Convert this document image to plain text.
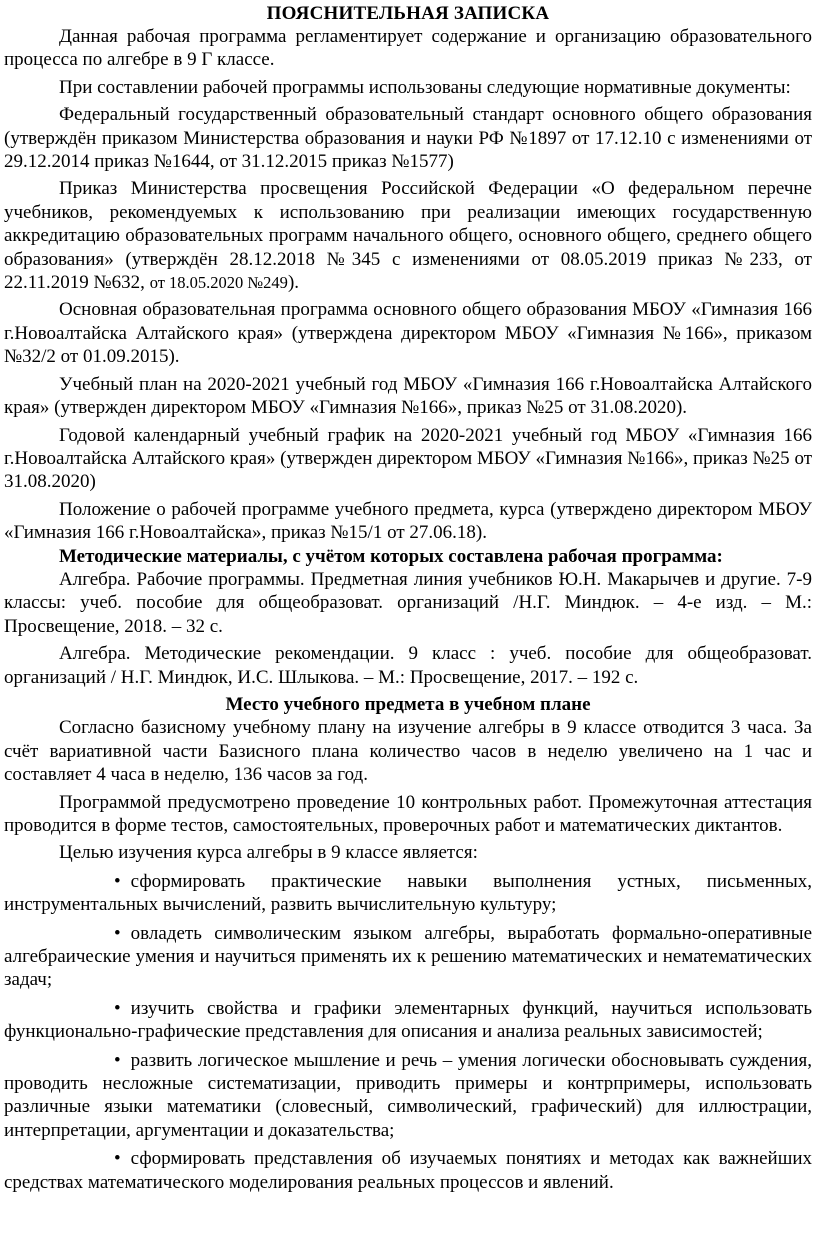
ПОЯСНИТЕЛЬНАЯ ЗАПИСКА

Данная рабочая программа регламентирует содержание и организацию образовательного процесса по алгебре в 9 Г классе.

При составлении рабочей программы использованы следующие нормативные документы:

Федеральный государственный образовательный стандарт основного общего образования (утверждён приказом Министерства образования и науки РФ №1897 от 17.12.10 с изменениями от 29.12.2014 приказ №1644, от 31.12.2015 приказ №1577)

Приказ Министерства просвещения Российской Федерации «О федеральном перечне учебников, рекомендуемых к использованию при реализации имеющих государственную аккредитацию образовательных программ начального общего, основного общего, среднего общего образования» (утверждён 28.12.2018 №345 с изменениями от 08.05.2019 приказ №233, от 22.11.2019 №632, от 18.05.2020 №249).

Основная образовательная программа основного общего образования МБОУ «Гимназия 166 г.Новоалтайска Алтайского края» (утверждена директором МБОУ «Гимназия №166», приказом №32/2 от 01.09.2015).

Учебный план на 2020-2021 учебный год МБОУ «Гимназия 166 г.Новоалтайска Алтайского края» (утвержден директором МБОУ «Гимназия №166», приказ №25 от 31.08.2020).

Годовой календарный учебный график на 2020-2021 учебный год МБОУ «Гимназия 166 г.Новоалтайска Алтайского края» (утвержден директором МБОУ «Гимназия №166», приказ №25 от 31.08.2020)

Положение о рабочей программе учебного предмета, курса (утверждено директором МБОУ «Гимназия 166 г.Новоалтайска», приказ №15/1 от 27.06.18).

Методические материалы, с учётом которых составлена рабочая программа:

Алгебра. Рабочие программы. Предметная линия учебников Ю.Н. Макарычев и другие. 7-9 классы: учеб. пособие для общеобразоват. организаций /Н.Г. Миндюк. – 4-е изд. – М.: Просвещение, 2018. – 32 с.

Алгебра. Методические рекомендации. 9 класс : учеб. пособие для общеобразоват. организаций / Н.Г. Миндюк, И.С. Шлыкова. – М.: Просвещение, 2017. – 192 с.

Место учебного предмета в учебном плане

Согласно базисному учебному плану на изучение алгебры в 9 классе отводится 3 часа. За счёт вариативной части Базисного плана количество часов в неделю увеличено на 1 час и составляет 4 часа в неделю, 136 часов за год.

Программой предусмотрено проведение 10 контрольных работ. Промежуточная аттестация проводится в форме тестов, самостоятельных, проверочных работ и математических диктантов.

Целью изучения курса алгебры в 9 классе является:

• сформировать практические навыки выполнения устных, письменных, инструментальных вычислений, развить вычислительную культуру;

• овладеть символическим языком алгебры, выработать формально-оперативные алгебраические умения и научиться применять их к решению математических и нематематических задач;

• изучить свойства и графики элементарных функций, научиться использовать функционально-графические представления для описания и анализа реальных зависимостей;

• развить логическое мышление и речь – умения логически обосновывать суждения, проводить несложные систематизации, приводить примеры и контрпримеры, использовать различные языки математики (словесный, символический, графический) для иллюстрации, интерпретации, аргументации и доказательства;

• сформировать представления об изучаемых понятиях и методах как важнейших средствах математического моделирования реальных процессов и явлений.
